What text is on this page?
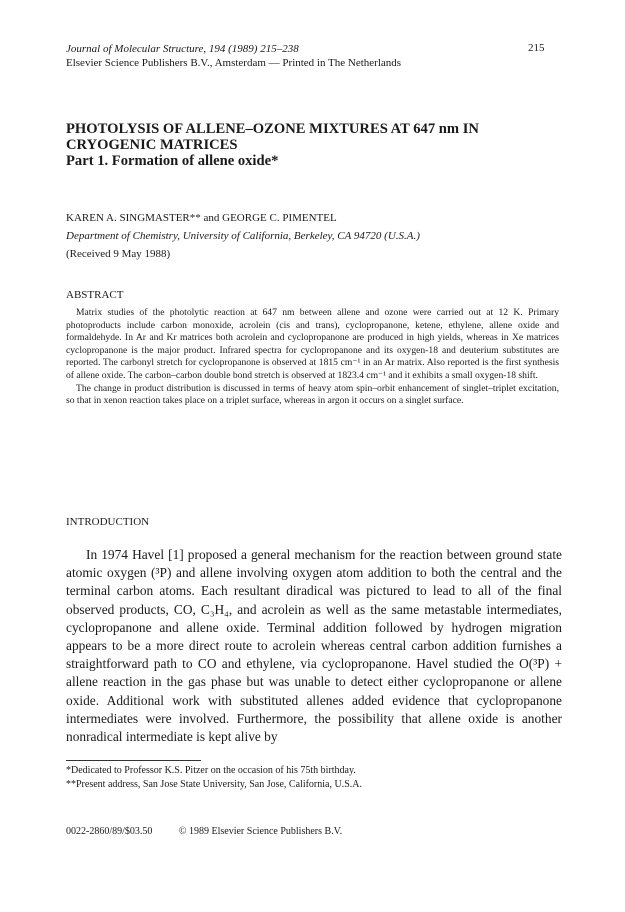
Journal of Molecular Structure, 194 (1989) 215–238
Elsevier Science Publishers B.V., Amsterdam — Printed in The Netherlands
215
PHOTOLYSIS OF ALLENE–OZONE MIXTURES AT 647 nm IN CRYOGENIC MATRICES
Part 1. Formation of allene oxide*
KAREN A. SINGMASTER** and GEORGE C. PIMENTEL
Department of Chemistry, University of California, Berkeley, CA 94720 (U.S.A.)
(Received 9 May 1988)
ABSTRACT

Matrix studies of the photolytic reaction at 647 nm between allene and ozone were carried out at 12 K. Primary photoproducts include carbon monoxide, acrolein (cis and trans), cyclopropanone, ketene, ethylene, allene oxide and formaldehyde. In Ar and Kr matrices both acrolein and cyclopropanone are produced in high yields, whereas in Xe matrices cyclopropanone is the major product. Infrared spectra for cyclopropanone and its oxygen-18 and deuterium substitutes are reported. The carbonyl stretch for cyclopropanone is observed at 1815 cm⁻¹ in an Ar matrix. Also reported is the first synthesis of allene oxide. The carbon–carbon double bond stretch is observed at 1823.4 cm⁻¹ and it exhibits a small oxygen-18 shift.

The change in product distribution is discussed in terms of heavy atom spin–orbit enhancement of singlet–triplet excitation, so that in xenon reaction takes place on a triplet surface, whereas in argon it occurs on a singlet surface.

INTRODUCTION

In 1974 Havel [1] proposed a general mechanism for the reaction between ground state atomic oxygen (³P) and allene involving oxygen atom addition to both the central and the terminal carbon atoms. Each resultant diradical was pictured to lead to all of the final observed products, CO, C₃H₄, and acrolein as well as the same metastable intermediates, cyclopropanone and allene oxide. Terminal addition followed by hydrogen migration appears to be a more direct route to acrolein whereas central carbon addition furnishes a straightforward path to CO and ethylene, via cyclopropanone. Havel studied the O(³P) + allene reaction in the gas phase but was unable to detect either cyclopropanone or allene oxide. Additional work with substituted allenes added evidence that cyclopropanone intermediates were involved. Furthermore, the possibility that allene oxide is another nonradical intermediate is kept alive by

*Dedicated to Professor K.S. Pitzer on the occasion of his 75th birthday.
**Present address, San Jose State University, San Jose, California, U.S.A.
0022-2860/89/$03.50	© 1989 Elsevier Science Publishers B.V.
